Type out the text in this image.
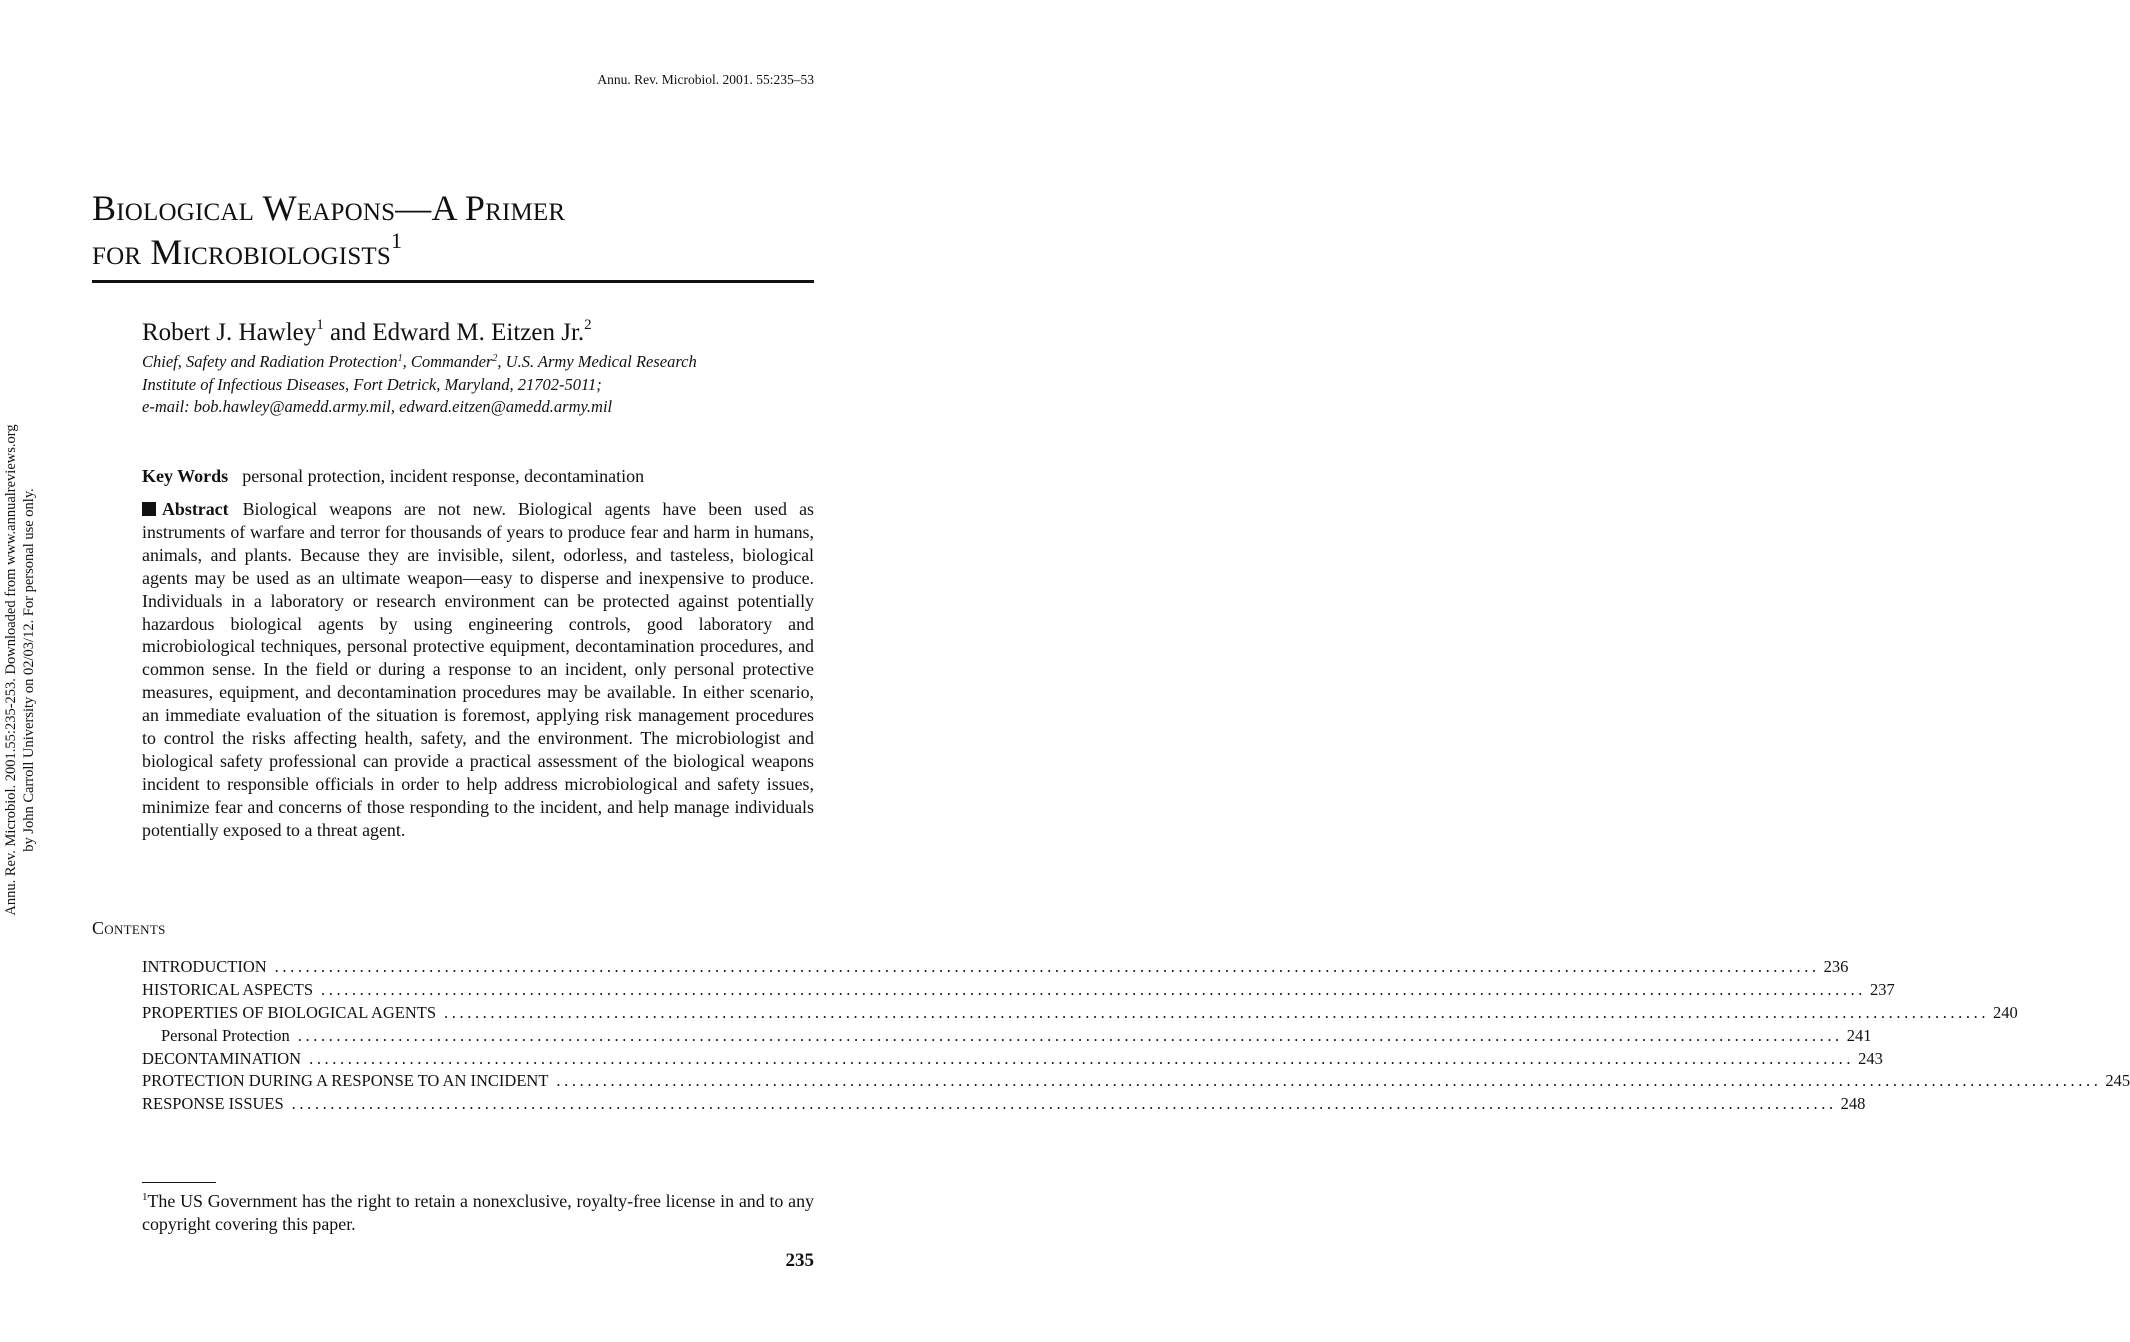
Annu. Rev. Microbiol. 2001.55:235-253. Downloaded from www.annualreviews.org by John Carroll University on 02/03/12. For personal use only.
Annu. Rev. Microbiol. 2001. 55:235–53
Biological Weapons—A Primer
for Microbiologists$^1$
Robert J. Hawley$^1$ and Edward M. Eitzen Jr.$^2$
Chief, Safety and Radiation Protection$^1$, Commander$^2$, U.S. Army Medical Research
Institute of Infectious Diseases, Fort Detrick, Maryland, 21702-5011;
e-mail: bob.hawley@amedd.army.mil, edward.eitzen@amedd.army.mil
Key Words personal protection, incident response, decontamination
Abstract Biological weapons are not new. Biological agents have been used as instruments of warfare and terror for thousands of years to produce fear and harm in humans, animals, and plants. Because they are invisible, silent, odorless, and tasteless, biological agents may be used as an ultimate weapon—easy to disperse and inexpensive to produce. Individuals in a laboratory or research environment can be protected against potentially hazardous biological agents by using engineering controls, good laboratory and microbiological techniques, personal protective equipment, decontamination procedures, and common sense. In the field or during a response to an incident, only personal protective measures, equipment, and decontamination procedures may be available. In either scenario, an immediate evaluation of the situation is foremost, applying risk management procedures to control the risks affecting health, safety, and the environment. The microbiologist and biological safety professional can provide a practical assessment of the biological weapons incident to responsible officials in order to help address microbiological and safety issues, minimize fear and concerns of those responding to the incident, and help manage individuals potentially exposed to a threat agent.
Contents
INTRODUCTION ........................................................................................................................................................................................................ 236
HISTORICAL ASPECTS ........................................................................................................................................................................................................ 237
PROPERTIES OF BIOLOGICAL AGENTS ........................................................................................................................................................................................................ 240
Personal Protection ........................................................................................................................................................................................................ 241
DECONTAMINATION ........................................................................................................................................................................................................ 243
PROTECTION DURING A RESPONSE TO AN INCIDENT ........................................................................................................................................................................................................ 245
RESPONSE ISSUES ........................................................................................................................................................................................................ 248
$^1$The US Government has the right to retain a nonexclusive, royalty-free license in and to any copyright covering this paper.
235
